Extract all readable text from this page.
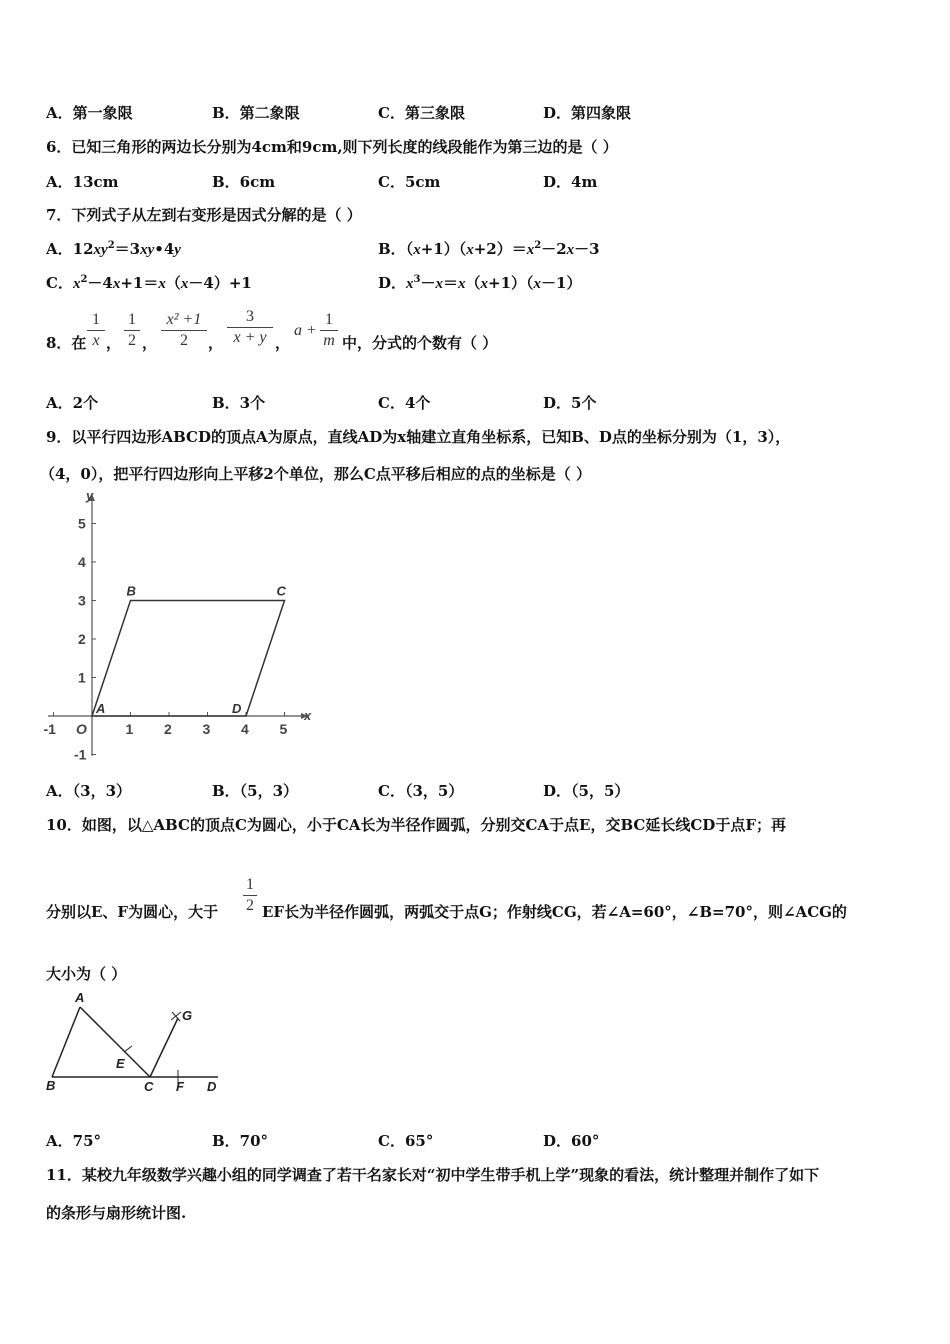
A．第一象限	B．第二象限	C．第三象限	D．第四象限
6．已知三角形的两边长分别为4cm和9cm,则下列长度的线段能作为第三边的是（ ）
A．13cm	B．6cm	C．5cm	D．4m
7．下列式子从左到右变形是因式分解的是（ ）
A．$12xy^2=3xy•4y$	B．$(x+1)(x+2)=x^2-2x-3$
C．$x^2-4x+1=x(x-4)+1$	D．$x^3-x=x(x+1)(x-1)$
8．在
1
x ，
1
2 ，
x² +1
2	，
3
x + y ，
a +
1
m 中，分式的个数有（ ）
A．2个	B．3个	C．4个	D．5个
9．以平行四边形ABCD的顶点A为原点，直线AD为x轴建立直角坐标系，已知B、D点的坐标分别为（1，3），
（4，0），把平行四边形向上平移2个单位，那么C点平移后相应的点的坐标是（ ）
x
y
-1	1 2 3 4 5
5
4
3
2
1
-1
O
A
B	C
D
A．（3，3）	B．（5，3）	C．（3，5）	D．（5，5）
10．如图，以△ABC的顶点C为圆心，小于CA长为半径作圆弧，分别交CA于点E，交BC延长线CD于点F；再
分别以E、F为圆心，大于
1
2 EF长为半径作圆弧，两弧交于点G；作射线CG，若∠A=60°，∠B=70°，则∠ACG的
大小为（ ）
A
B	C	D
E
F
G
A．75°	B．70°	C．65°	D．60°
11．某校九年级数学兴趣小组的同学调查了若干名家长对“初中学生带手机上学”现象的看法，统计整理并制作了如下
的条形与扇形统计图.
